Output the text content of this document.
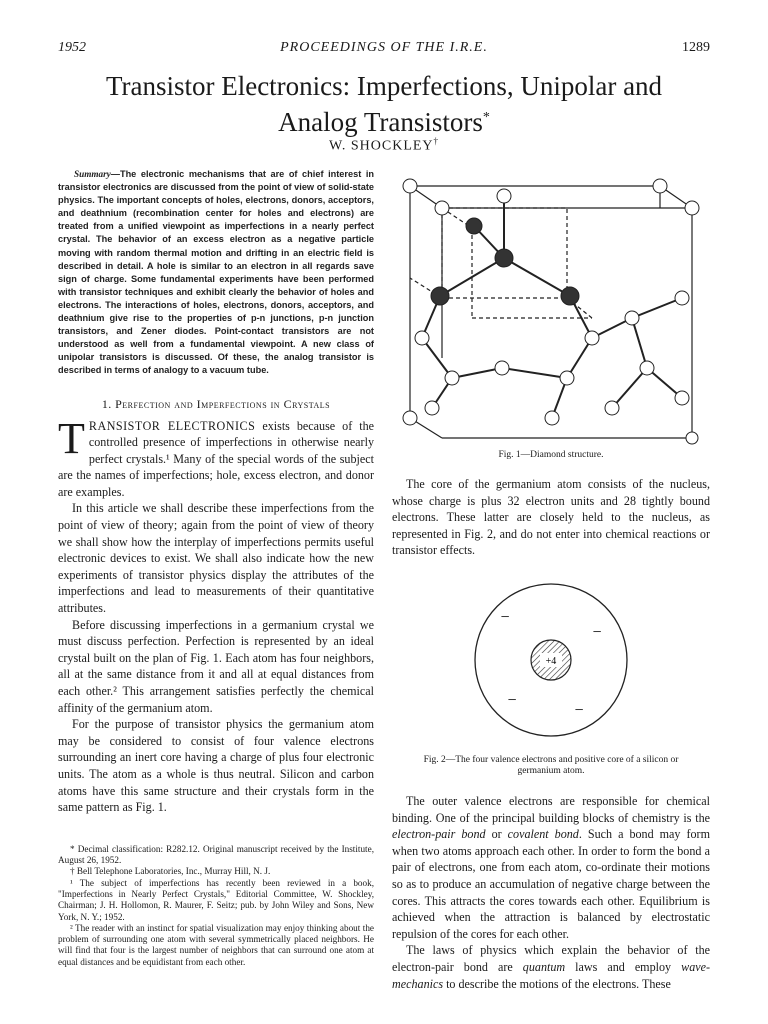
1952	PROCEEDINGS OF THE I.R.E.	1289
Transistor Electronics: Imperfections, Unipolar and Analog Transistors*
W. SHOCKLEY†

Summary—The electronic mechanisms that are of chief interest in transistor electronics are discussed from the point of view of solid-state physics. The important concepts of holes, electrons, donors, acceptors, and deathnium (recombination center for holes and electrons) are treated from a unified viewpoint as imperfections in a nearly perfect crystal. The behavior of an excess electron as a negative particle moving with random thermal motion and drifting in an electric field is described in detail. A hole is similar to an electron in all regards save sign of charge. Some fundamental experiments have been performed with transistor techniques and exhibit clearly the behavior of holes and electrons. The interactions of holes, electrons, donors, acceptors, and deathnium give rise to the properties of p-n junctions, p-n junction transistors, and Zener diodes. Point-contact transistors are not understood as well from a fundamental viewpoint. A new class of unipolar transistors is discussed. Of these, the analog transistor is described in terms of analogy to a vacuum tube.

1. Perfection and Imperfections in Crystals

TRANSISTOR ELECTRONICS exists because of the controlled presence of imperfections in otherwise nearly perfect crystals.¹ Many of the special words of the subject are the names of imperfections; hole, excess electron, and donor are examples.

In this article we shall describe these imperfections from the point of view of theory; again from the point of view of theory we shall show how the interplay of imperfections permits useful electronic devices to exist. We shall also indicate how the new experiments of transistor physics display the attributes of the imperfections and lead to measurements of their quantitative attributes.

Before discussing imperfections in a germanium crystal we must discuss perfection. Perfection is represented by an ideal crystal built on the plan of Fig. 1. Each atom has four neighbors, all at the same distance from it and all at equal distances from each other.² This arrangement satisfies perfectly the chemical affinity of the germanium atom.

For the purpose of transistor physics the germanium atom may be considered to consist of four valence electrons surrounding an inert core having a charge of plus four electronic units. The atom as a whole is thus neutral. Silicon and carbon atoms have this same structure and their crystals form in the same pattern as Fig. 1.

* Decimal classification: R282.12. Original manuscript received by the Institute, August 26, 1952.

† Bell Telephone Laboratories, Inc., Murray Hill, N. J.

¹ The subject of imperfections has recently been reviewed in a book, "Imperfections in Nearly Perfect Crystals," Editorial Committee, W. Shockley, Chairman; J. H. Hollomon, R. Maurer, F. Seitz; pub. by John Wiley and Sons, New York, N. Y.; 1952.

² The reader with an instinct for spatial visualization may enjoy thinking about the problem of surrounding one atom with several symmetrically placed neighbors. He will find that four is the largest number of neighbors that can surround one atom at equal distances and be equidistant from each other.

Fig. 1—Diamond structure.

The core of the germanium atom consists of the nucleus, whose charge is plus 32 electron units and 28 tightly bound electrons. These latter are closely held to the nucleus, as represented in Fig. 2, and do not enter into chemical reactions or transistor effects.

+4
−
−
−
−

Fig. 2—The four valence electrons and positive core of a silicon or germanium atom.

The outer valence electrons are responsible for chemical binding. One of the principal building blocks of chemistry is the electron-pair bond or covalent bond. Such a bond may form when two atoms approach each other. In order to form the bond a pair of electrons, one from each atom, co-ordinate their motions so as to produce an accumulation of negative charge between the cores. This attracts the cores towards each other. Equilibrium is achieved when the attraction is balanced by electrostatic repulsion of the cores for each other.

The laws of physics which explain the behavior of the electron-pair bond are quantum laws and employ wave-mechanics to describe the motions of the electrons. These
